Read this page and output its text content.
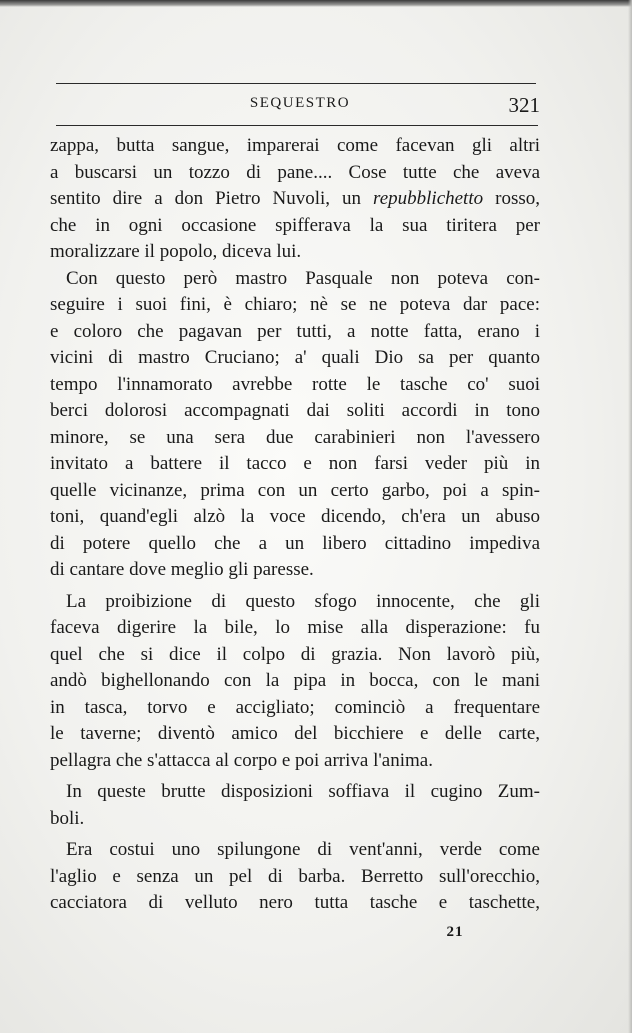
SEQUESTRO	321
zappa, butta sangue, imparerai come facevan gli altri
a buscarsi un tozzo di pane.... Cose tutte che aveva
sentito dire a don Pietro Nuvoli, un repubblichetto rosso,
che in ogni occasione spifferava la sua tiritera per
moralizzare il popolo, diceva lui.
Con questo però mastro Pasquale non poteva con-
seguire i suoi fini, è chiaro; nè se ne poteva dar pace:
e coloro che pagavan per tutti, a notte fatta, erano i
vicini di mastro Cruciano; a' quali Dio sa per quanto
tempo l'innamorato avrebbe rotte le tasche co' suoi
berci dolorosi accompagnati dai soliti accordi in tono
minore, se una sera due carabinieri non l'avessero
invitato a battere il tacco e non farsi veder più in
quelle vicinanze, prima con un certo garbo, poi a spin-
toni, quand'egli alzò la voce dicendo, ch'era un abuso
di potere quello che a un libero cittadino impediva
di cantare dove meglio gli paresse.
La proibizione di questo sfogo innocente, che gli
faceva digerire la bile, lo mise alla disperazione: fu
quel che si dice il colpo di grazia. Non lavorò più,
andò bighellonando con la pipa in bocca, con le mani
in tasca, torvo e accigliato; cominciò a frequentare
le taverne; diventò amico del bicchiere e delle carte,
pellagra che s'attacca al corpo e poi arriva l'anima.
In queste brutte disposizioni soffiava il cugino Zum-
boli.
Era costui uno spilungone di vent'anni, verde come
l'aglio e senza un pel di barba. Berretto sull'orecchio,
cacciatora di velluto nero tutta tasche e taschette,
21
